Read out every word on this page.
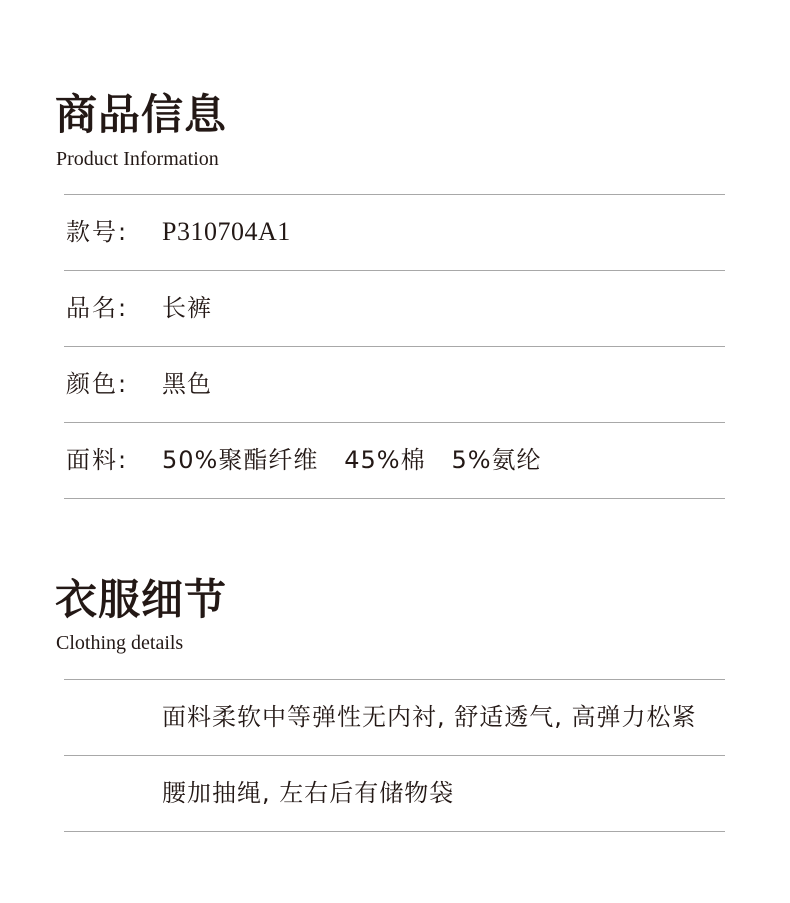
商品信息

Product Information

款号: P310704A1
品名: 长裤
颜色: 黑色
面料: 50%聚酯纤维   45%棉   5%氨纶
衣服细节

Clothing details

面料柔软中等弹性无内衬, 舒适透气, 高弹力松紧
腰加抽绳, 左右后有储物袋
